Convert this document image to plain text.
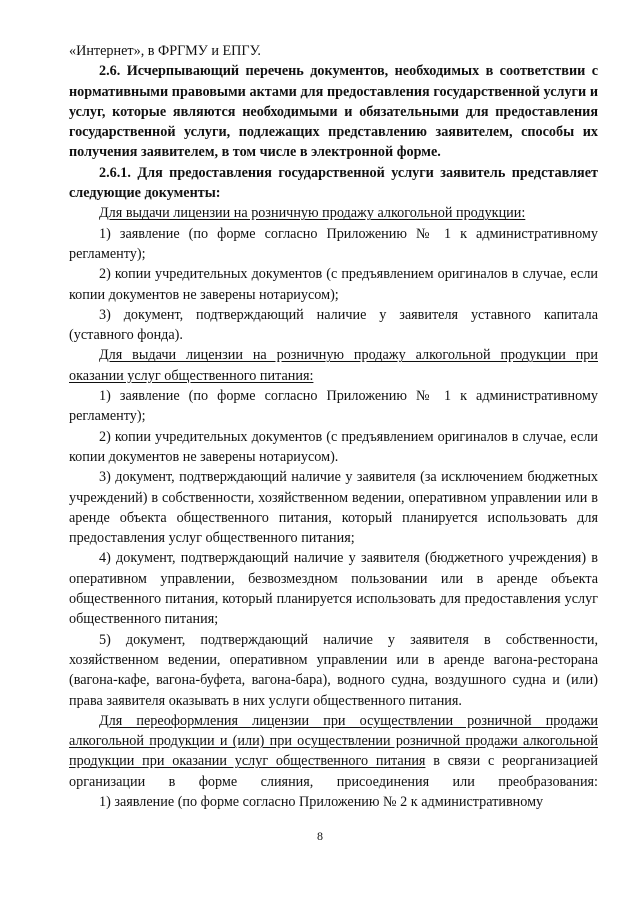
«Интернет», в ФРГМУ и ЕПГУ.

2.6. Исчерпывающий перечень документов, необходимых в соответствии с нормативными правовыми актами для предоставления государственной услуги и услуг, которые являются необходимыми и обязательными для предоставления государственной услуги, подлежащих представлению заявителем, способы их получения заявителем, в том числе в электронной форме.

2.6.1. Для предоставления государственной услуги заявитель представляет следующие документы:

Для выдачи лицензии на розничную продажу алкогольной продукции:

1) заявление (по форме согласно Приложению № 1 к административному регламенту);

2) копии учредительных документов (с предъявлением оригиналов в случае, если копии документов не заверены нотариусом);

3) документ, подтверждающий наличие у заявителя уставного капитала (уставного фонда).

Для выдачи лицензии на розничную продажу алкогольной продукции при оказании услуг общественного питания:

1) заявление (по форме согласно Приложению № 1 к административному регламенту);

2) копии учредительных документов (с предъявлением оригиналов в случае, если копии документов не заверены нотариусом).

3) документ, подтверждающий наличие у заявителя (за исключением бюджетных учреждений) в собственности, хозяйственном ведении, оперативном управлении или в аренде объекта общественного питания, который планируется использовать для предоставления услуг общественного питания;

4) документ, подтверждающий наличие у заявителя (бюджетного учреждения) в оперативном управлении, безвозмездном пользовании или в аренде объекта общественного питания, который планируется использовать для предоставления услуг общественного питания;

5) документ, подтверждающий наличие у заявителя в собственности, хозяйственном ведении, оперативном управлении или в аренде вагона-ресторана (вагона-кафе, вагона-буфета, вагона-бара), водного судна, воздушного судна и (или) права заявителя оказывать в них услуги общественного питания.

Для переоформления лицензии при осуществлении розничной продажи алкогольной продукции и (или) при осуществлении розничной продажи алкогольной продукции при оказании услуг общественного питания в связи с реорганизацией организации в форме слияния, присоединения или преобразования:

1) заявление (по форме согласно Приложению № 2 к административному

8
